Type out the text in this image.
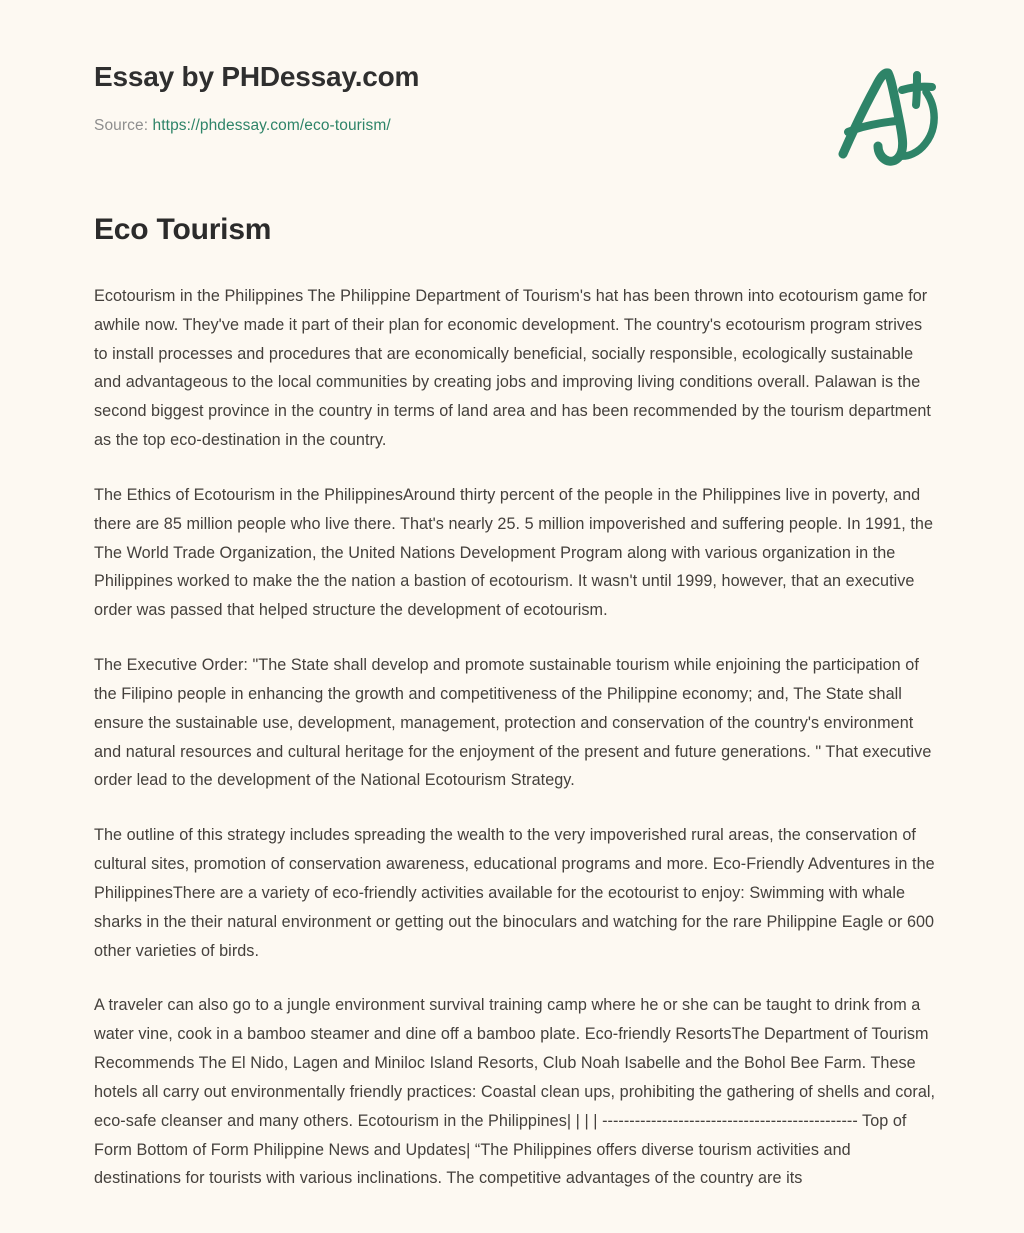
Essay by PHDessay.com

Source: https://phdessay.com/eco-tourism/

Eco Tourism

Ecotourism in the Philippines The Philippine Department of Tourism's hat has been thrown into ecotourism game for awhile now. They've made it part of their plan for economic development. The country's ecotourism program strives to install processes and procedures that are economically beneficial, socially responsible, ecologically sustainable and advantageous to the local communities by creating jobs and improving living conditions overall. Palawan is the second biggest province in the country in terms of land area and has been recommended by the tourism department as the top eco-destination in the country.

The Ethics of Ecotourism in the PhilippinesAround thirty percent of the people in the Philippines live in poverty, and there are 85 million people who live there. That's nearly 25. 5 million impoverished and suffering people. In 1991, the The World Trade Organization, the United Nations Development Program along with various organization in the Philippines worked to make the the nation a bastion of ecotourism. It wasn't until 1999, however, that an executive order was passed that helped structure the development of ecotourism.

The Executive Order: "The State shall develop and promote sustainable tourism while enjoining the participation of the Filipino people in enhancing the growth and competitiveness of the Philippine economy; and, The State shall ensure the sustainable use, development, management, protection and conservation of the country's environment and natural resources and cultural heritage for the enjoyment of the present and future generations. " That executive order lead to the development of the National Ecotourism Strategy.

The outline of this strategy includes spreading the wealth to the very impoverished rural areas, the conservation of cultural sites, promotion of conservation awareness, educational programs and more. Eco-Friendly Adventures in the PhilippinesThere are a variety of eco-friendly activities available for the ecotourist to enjoy: Swimming with whale sharks in the their natural environment or getting out the binoculars and watching for the rare Philippine Eagle or 600 other varieties of birds.

A traveler can also go to a jungle environment survival training camp where he or she can be taught to drink from a water vine, cook in a bamboo steamer and dine off a bamboo plate. Eco-friendly ResortsThe Department of Tourism Recommends The El Nido, Lagen and Miniloc Island Resorts, Club Noah Isabelle and the Bohol Bee Farm. These hotels all carry out environmentally friendly practices: Coastal clean ups, prohibiting the gathering of shells and coral, eco-safe cleanser and many others. Ecotourism in the Philippines| | | | ----------------------------------------------- Top of Form Bottom of Form Philippine News and Updates| “The Philippines offers diverse tourism activities and destinations for tourists with various inclinations. The competitive advantages of the country are its
